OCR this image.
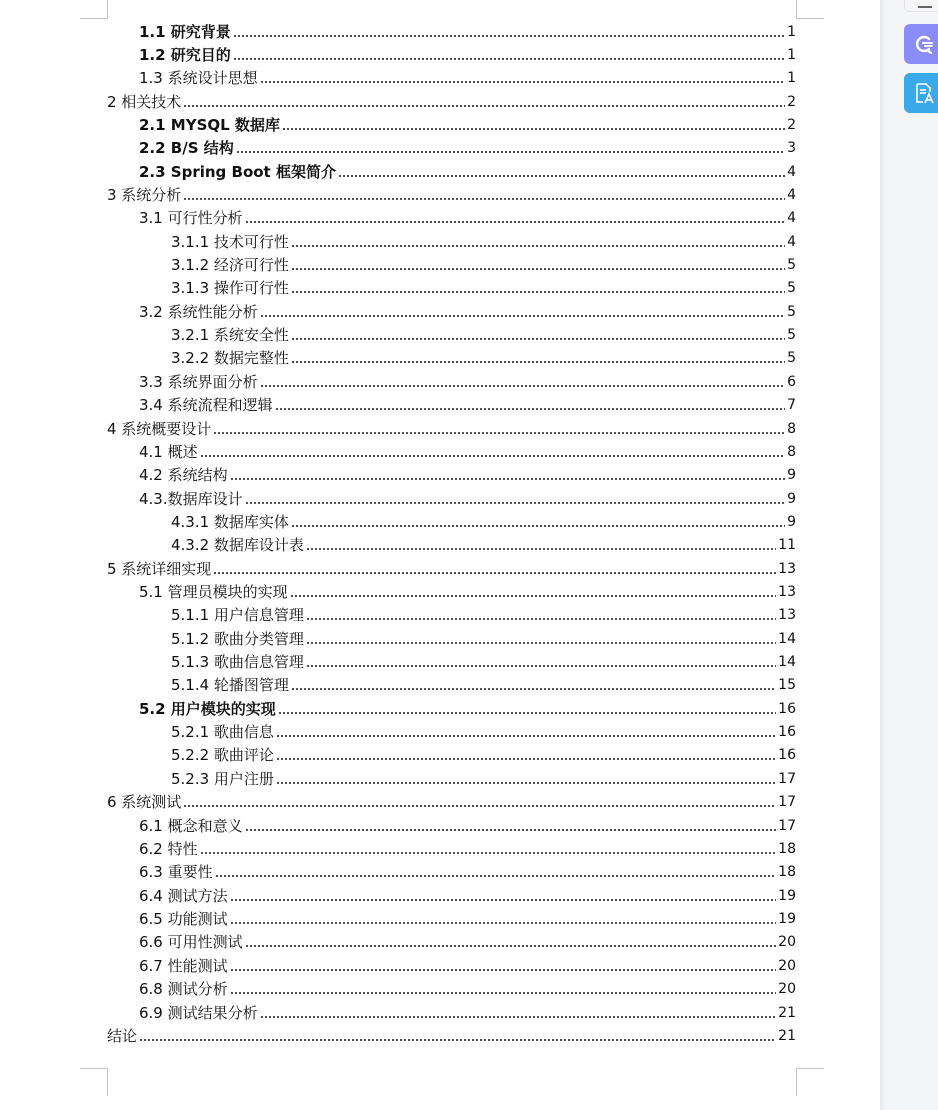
1.1 研究背景	1
1.2 研究目的	1
1.3 系统设计思想	1
2 相关技术	2
2.1 MYSQL 数据库	2
2.2 B/S 结构	3
2.3 Spring Boot 框架简介	4
3 系统分析	4
3.1 可行性分析	4
3.1.1 技术可行性	4
3.1.2 经济可行性	5
3.1.3 操作可行性	5
3.2 系统性能分析	5
3.2.1 系统安全性	5
3.2.2 数据完整性	5
3.3 系统界面分析	6
3.4 系统流程和逻辑	7
4 系统概要设计	8
4.1 概述	8
4.2 系统结构	9
4.3.数据库设计	9
4.3.1 数据库实体	9
4.3.2 数据库设计表	11
5 系统详细实现	13
5.1 管理员模块的实现	13
5.1.1 用户信息管理	13
5.1.2 歌曲分类管理	14
5.1.3 歌曲信息管理	14
5.1.4 轮播图管理	15
5.2 用户模块的实现	16
5.2.1 歌曲信息	16
5.2.2 歌曲评论	16
5.2.3 用户注册	17
6 系统测试	17
6.1 概念和意义	17
6.2 特性	18
6.3 重要性	18
6.4 测试方法	19
6.5 功能测试	19
6.6 可用性测试	20
6.7 性能测试	20
6.8 测试分析	20
6.9 测试结果分析	21
结论	21
